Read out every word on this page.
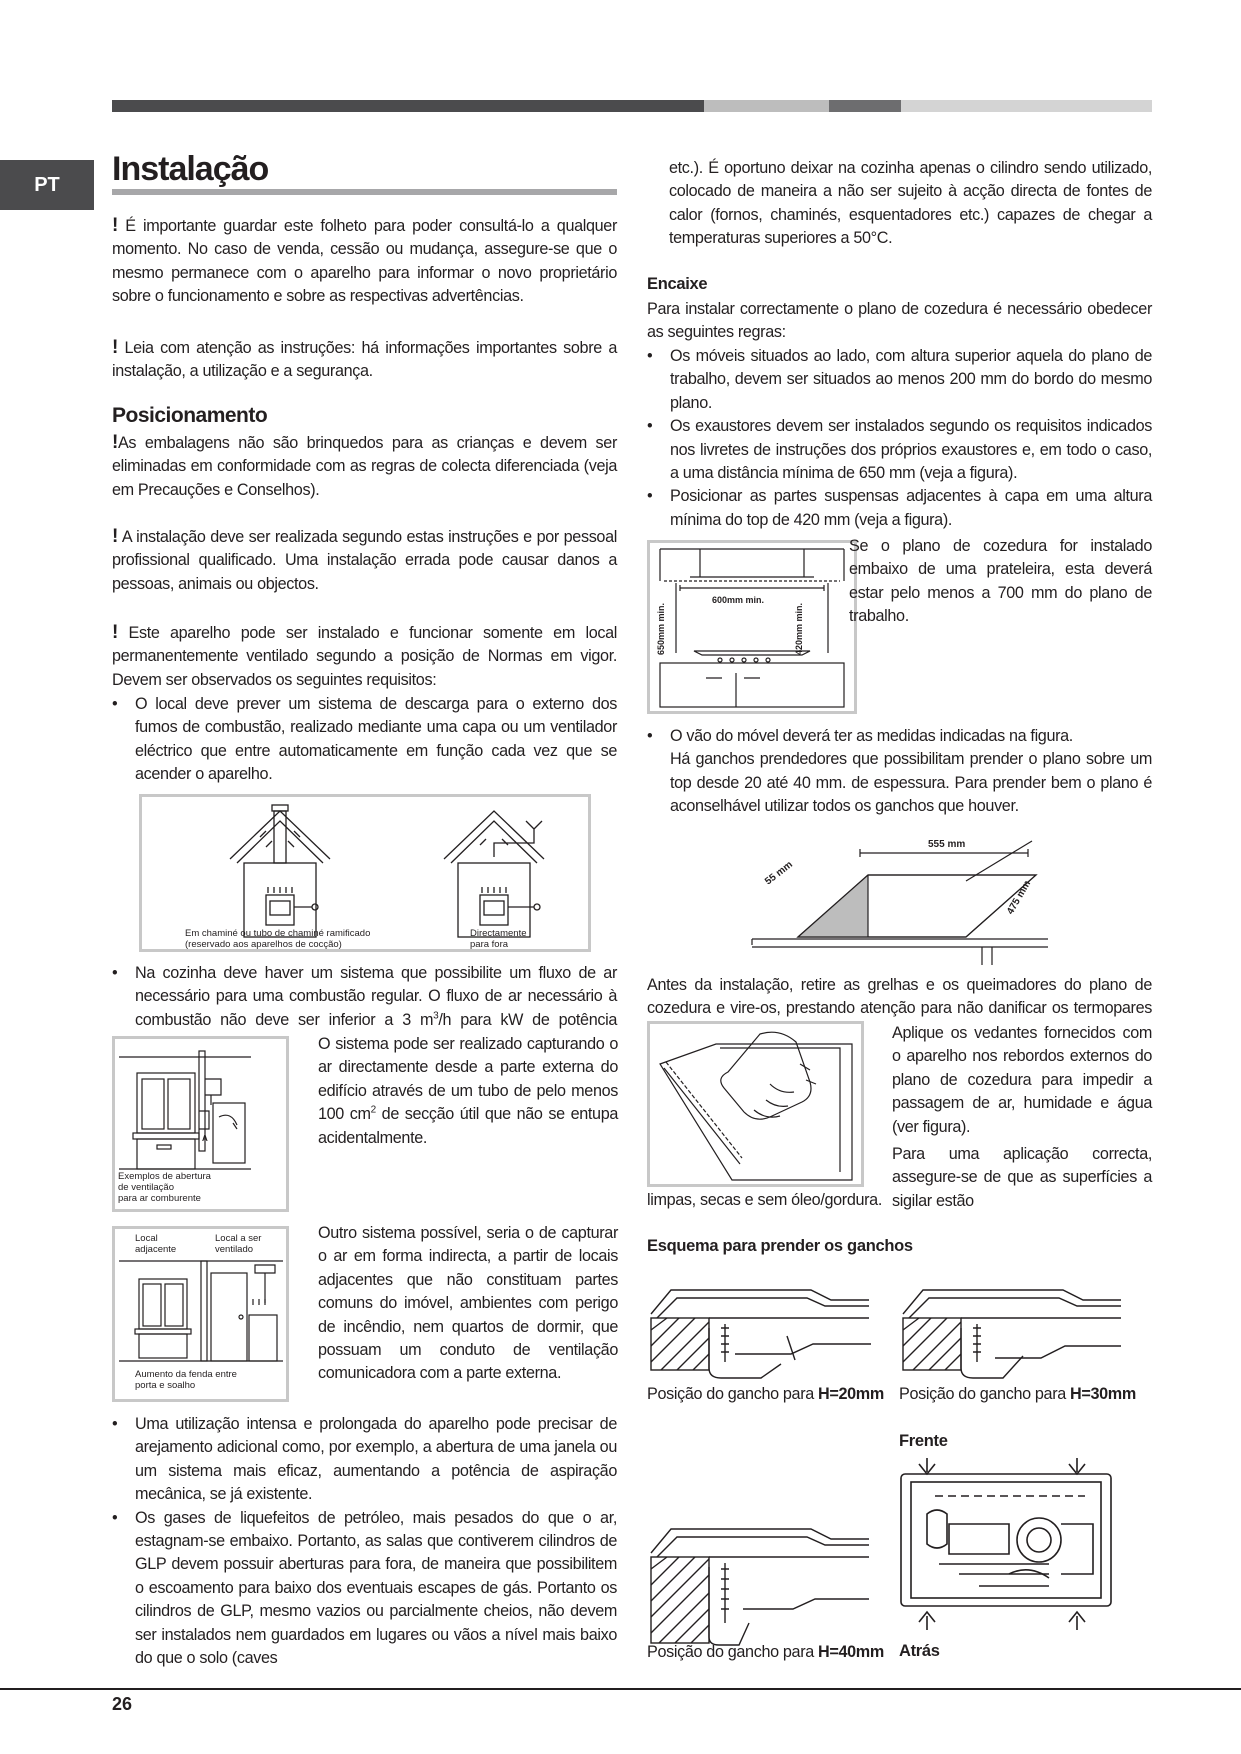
PT Instalação

! É importante guardar este folheto para poder consultá-lo a qualquer momento. No caso de venda, cessão ou mudança, assegure-se que o mesmo permanece com o aparelho para informar o novo proprietário sobre o funcionamento e sobre as respectivas advertências.

! Leia com atenção as instruções: há informações importantes sobre a instalação, a utilização e a segurança.

Posicionamento

!As embalagens não são brinquedos para as crianças e devem ser eliminadas em conformidade com as regras de colecta diferenciada (veja em Precauções e Conselhos).

! A instalação deve ser realizada segundo estas instruções e por pessoal profissional qualificado. Uma instalação errada pode causar danos a pessoas, animais ou objectos.

! Este aparelho pode ser instalado e funcionar somente em local permanentemente ventilado segundo a posição de Normas em vigor. Devem ser observados os seguintes requisitos:

• O local deve prever um sistema de descarga para o externo dos fumos de combustão, realizado mediante uma capa ou um ventilador eléctrico que entre automaticamente em função cada vez que se acender o aparelho.
Em chaminé ou tubo de chaminé ramificado
(reservado aos aparelhos de cocção)
Directamente
para fora
• Na cozinha deve haver um sistema que possibilite um fluxo de ar necessário para uma combustão regular. O fluxo de ar necessário à combustão não deve ser inferior a 3 $m^3/h$ para kW de potência
A
Exemplos de abertura
de ventilação
para ar comburente

O sistema pode ser realizado capturando o ar directamente desde a parte externa do edifício através de um tubo de pelo menos 100 $cm^2$ de secção útil que não se entupa acidentalmente.

Local
adjacente
Local a ser
ventilado
Aumento da fenda entre
porta e soalho

Outro sistema possível, seria o de capturar o ar em forma indirecta, a partir de locais adjacentes que não constituam partes comuns do imóvel, ambientes com perigo de incêndio, nem quartos de dormir, que possuam um conduto de ventilação comunicadora com a parte externa.

• Uma utilização intensa e prolongada do aparelho pode precisar de arejamento adicional como, por exemplo, a abertura de uma janela ou um sistema mais eficaz, aumentando a potência de aspiração mecânica, se já existente.
• Os gases de liquefeitos de petróleo, mais pesados do que o ar, estagnam-se embaixo. Portanto, as salas que contiverem cilindros de GLP devem possuir aberturas para fora, de maneira que possibilitem o escoamento para baixo dos eventuais escapes de gás. Portanto os cilindros de GLP, mesmo vazios ou parcialmente cheios, não devem ser instalados nem guardados em lugares ou vãos a nível mais baixo do que o solo (caves

etc.). É oportuno deixar na cozinha apenas o cilindro sendo utilizado, colocado de maneira a não ser sujeito à acção directa de fontes de calor (fornos, chaminés, esquentadores etc.) capazes de chegar a temperaturas superiores a 50°C.

Encaixe

Para instalar correctamente o plano de cozedura é necessário obedecer as seguintes regras:

• Os móveis situados ao lado, com altura superior aquela do plano de trabalho, devem ser situados ao menos 200 mm do bordo do mesmo plano.
• Os exaustores devem ser instalados segundo os requisitos indicados nos livretes de instruções dos próprios exaustores e, em todo o caso, a uma distância mínima de 650 mm (veja a figura).
• Posicionar as partes suspensas adjacentes à capa em uma altura mínima do top de 420 mm (veja a figura).
600mm min.
650mm min.	420mm min.

Se o plano de cozedura for instalado embaixo de uma prateleira, esta deverá estar pelo menos a 700 mm do plano de trabalho.

• O vão do móvel deverá ter as medidas indicadas na figura.
Há ganchos prendedores que possibilitam prender o plano sobre um top desde 20 até 40 mm. de espessura. Para prender bem o plano é aconselhável utilizar todos os ganchos que houver.
555 mm
55 mm
475 mm

Antes da instalação, retire as grelhas e os queimadores do plano de cozedura e vire-os, prestando atenção para não danificar os termopares

Aplique os vedantes fornecidos com o aparelho nos rebordos externos do plano de cozedura para impedir a passagem de ar, humidade e água (ver figura).

Para uma aplicação correcta, assegure-se de que as superfícies a sigilar estão

limpas, secas e sem óleo/gordura.

Esquema para prender os ganchos
Posição do gancho para H=20mm Posição do gancho para H=30mm
Frente
Posição do gancho para H=40mm Atrás
26
